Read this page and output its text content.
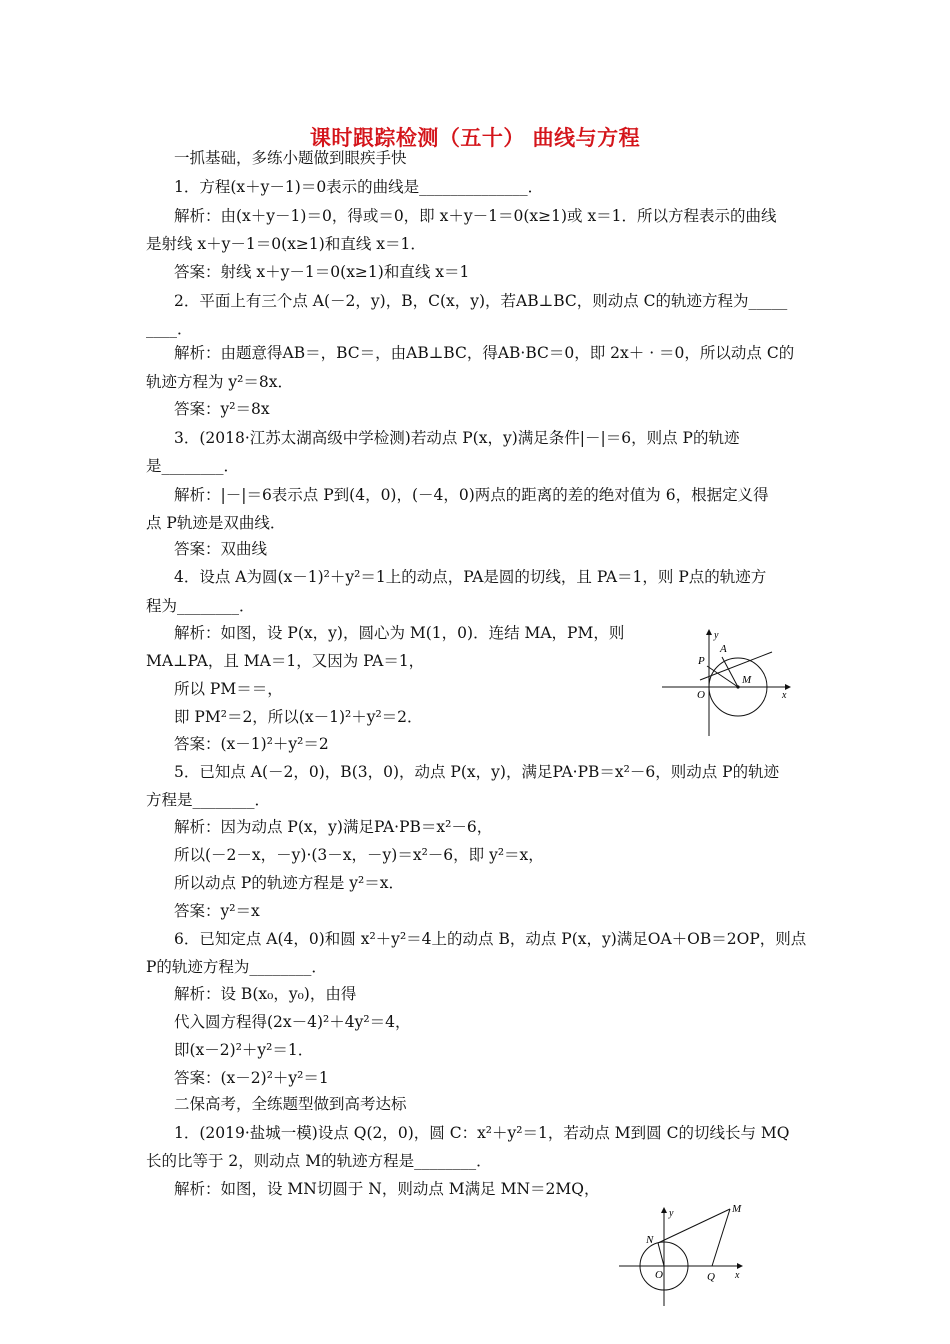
课时跟踪检测（五十） 曲线与方程
一抓基础，多练小题做到眼疾手快
1．方程(x＋y－1)＝0表示的曲线是______________．
解析：由(x＋y－1)＝0，得或＝0，即 x＋y－1＝0(x≥1)或 x＝1．所以方程表示的曲线
是射线 x＋y－1＝0(x≥1)和直线 x＝1．
答案：射线 x＋y－1＝0(x≥1)和直线 x＝1
2．平面上有三个点 A(－2，y)，B，C(x，y)，若AB⊥BC，则动点 C的轨迹方程为_____
____．
解析：由题意得AB＝，BC＝，由AB⊥BC，得AB·BC＝0，即 2x＋ · ＝0，所以动点 C的
轨迹方程为 y²＝8x．
答案：y²＝8x
3．(2018·江苏太湖高级中学检测)若动点 P(x，y)满足条件|－|＝6，则点 P的轨迹
是________．
解析：|－|＝6表示点 P到(4，0)，(－4，0)两点的距离的差的绝对值为 6，根据定义得
点 P轨迹是双曲线．
答案：双曲线
4．设点 A为圆(x－1)²＋y²＝1上的动点，PA是圆的切线，且 PA＝1，则 P点的轨迹方
程为________．
解析：如图，设 P(x，y)，圆心为 M(1，0)．连结 MA，PM，则
MA⊥PA，且 MA＝1，又因为 PA＝1，
所以 PM＝＝，
即 PM²＝2，所以(x－1)²＋y²＝2．
答案：(x－1)²＋y²＝2
5．已知点 A(－2，0)，B(3，0)，动点 P(x，y)，满足PA·PB＝x²－6，则动点 P的轨迹
方程是________．
解析：因为动点 P(x，y)满足PA·PB＝x²－6，
所以(－2－x，－y)·(3－x，－y)＝x²－6，即 y²＝x，
所以动点 P的轨迹方程是 y²＝x．
答案：y²＝x
6．已知定点 A(4，0)和圆 x²＋y²＝4上的动点 B，动点 P(x，y)满足OA＋OB＝2OP，则点
P的轨迹方程为________．
解析：设 B(x₀，y₀)，由得
代入圆方程得(2x－4)²＋4y²＝4，
即(x－2)²＋y²＝1．
答案：(x－2)²＋y²＝1
二保高考，全练题型做到高考达标
1．(2019·盐城一模)设点 Q(2，0)，圆 C：x²＋y²＝1，若动点 M到圆 C的切线长与 MQ
长的比等于 2，则动点 M的轨迹方程是________．
解析：如图，设 MN切圆于 N，则动点 M满足 MN＝2MQ，
y
x
O
P
A
M
y
x
O
N
Q
M
